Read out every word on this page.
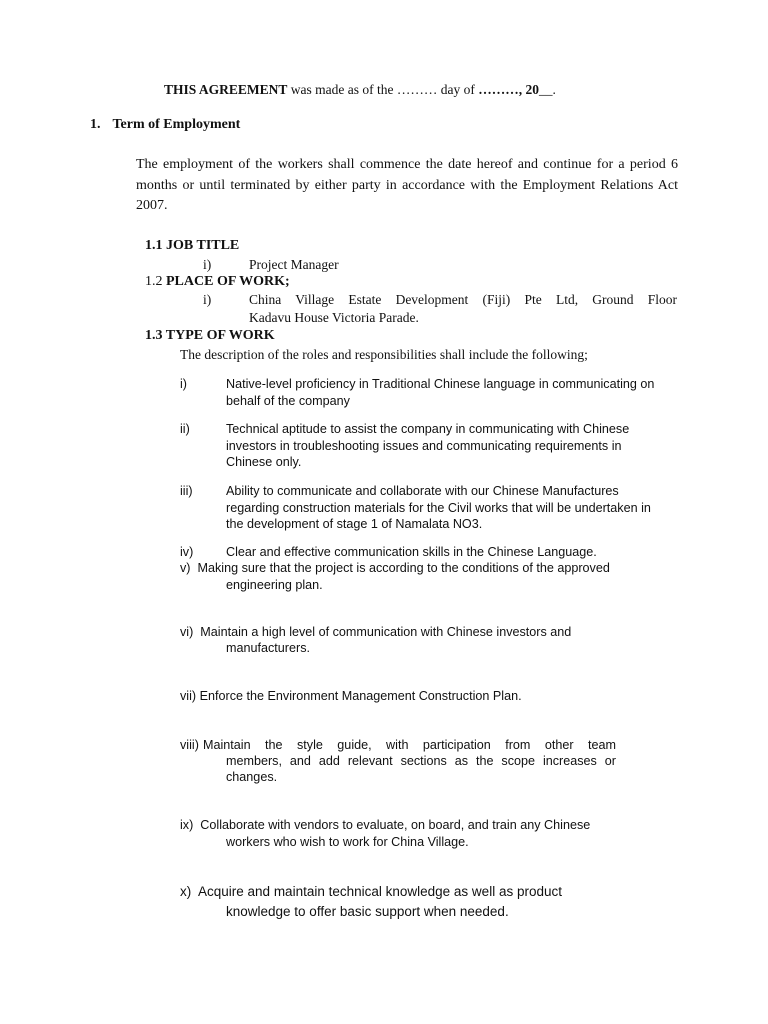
THIS AGREEMENT was made as of the ……… day of ………, 20__.
1. Term of Employment
The employment of the workers shall commence the date hereof and continue for a period 6 months or until terminated by either party in accordance with the Employment Relations Act 2007.
1.1 JOB TITLE
i)	Project Manager
1.2 PLACE OF WORK;
i)	China Village Estate Development (Fiji) Pte Ltd, Ground Floor
Kadavu House Victoria Parade.
1.3 TYPE OF WORK
The description of the roles and responsibilities shall include the following;
i)	Native-level proficiency in Traditional Chinese language in communicating on behalf of the company
ii)	Technical aptitude to assist the company in communicating with Chinese investors in troubleshooting issues and communicating requirements in Chinese only.
iii)	Ability to communicate and collaborate with our Chinese Manufactures regarding construction materials for the Civil works that will be undertaken in the development of stage 1 of Namalata NO3.
iv)	Clear and effective communication skills in the Chinese Language.
v) Making sure that the project is according to the conditions of the approved
engineering plan.
vi) Maintain a high level of communication with Chinese investors and
manufacturers.
vii) Enforce the Environment Management Construction Plan.
viii) Maintain the style guide, with participation from other team
members, and add relevant sections as the scope increases or
changes.
ix) Collaborate with vendors to evaluate, on board, and train any Chinese
workers who wish to work for China Village.
x) Acquire and maintain technical knowledge as well as product
knowledge to offer basic support when needed.
